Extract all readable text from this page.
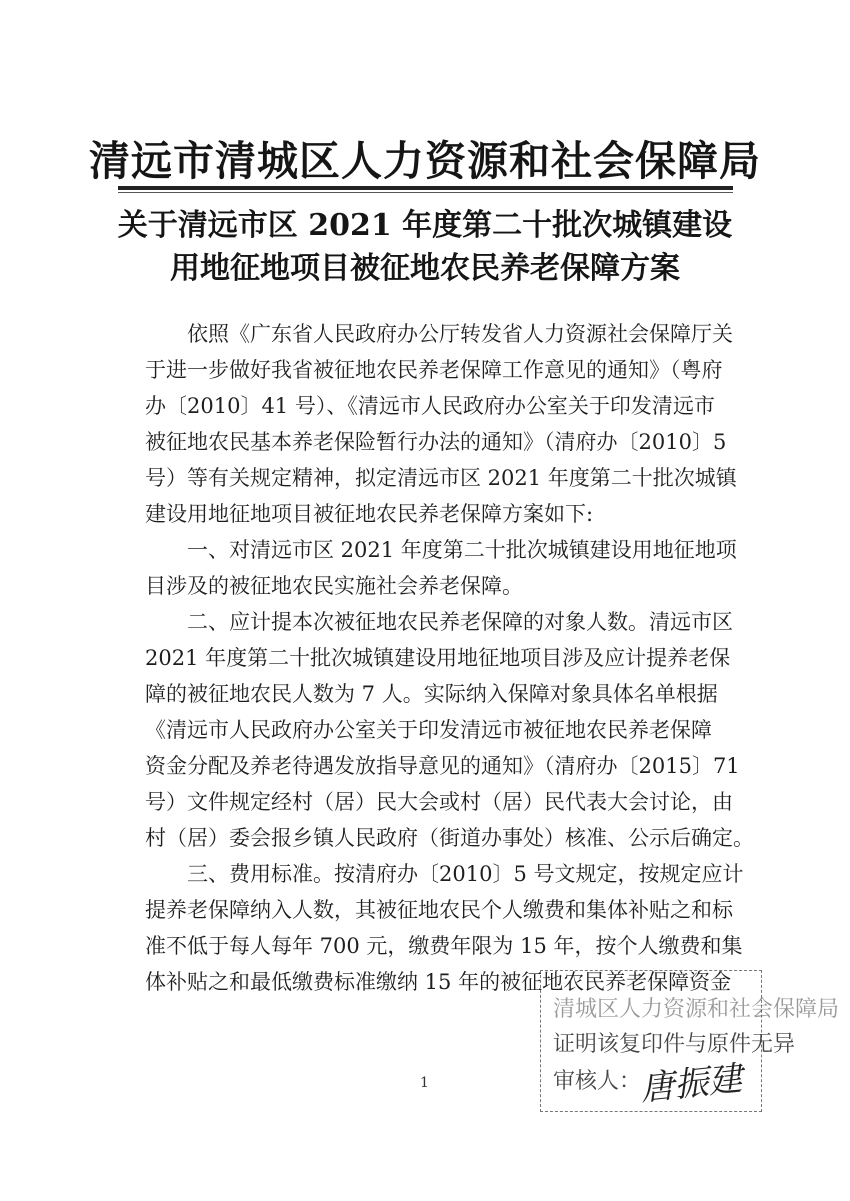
清远市清城区人力资源和社会保障局
关于清远市区 2021 年度第二十批次城镇建设
用地征地项目被征地农民养老保障方案
　　依照《广东省人民政府办公厅转发省人力资源社会保障厅关
于进一步做好我省被征地农民养老保障工作意见的通知》（粤府
办〔2010〕41 号）、《清远市人民政府办公室关于印发清远市
被征地农民基本养老保险暂行办法的通知》（清府办〔2010〕5
号）等有关规定精神，拟定清远市区 2021 年度第二十批次城镇
建设用地征地项目被征地农民养老保障方案如下:
　　一、对清远市区 2021 年度第二十批次城镇建设用地征地项
目涉及的被征地农民实施社会养老保障。
　　二、应计提本次被征地农民养老保障的对象人数。清远市区
2021 年度第二十批次城镇建设用地征地项目涉及应计提养老保
障的被征地农民人数为 7 人。实际纳入保障对象具体名单根据
《清远市人民政府办公室关于印发清远市被征地农民养老保障
资金分配及养老待遇发放指导意见的通知》（清府办〔2015〕71
号）文件规定经村（居）民大会或村（居）民代表大会讨论，由
村（居）委会报乡镇人民政府（街道办事处）核准、公示后确定。
　　三、费用标准。按清府办〔2010〕5 号文规定，按规定应计
提养老保障纳入人数，其被征地农民个人缴费和集体补贴之和标
准不低于每人每年 700 元，缴费年限为 15 年，按个人缴费和集
体补贴之和最低缴费标准缴纳 15 年的被征地农民养老保障资金
清城区人力资源和社会保障局
证明该复印件与原件无异
审核人：
唐振建
1
